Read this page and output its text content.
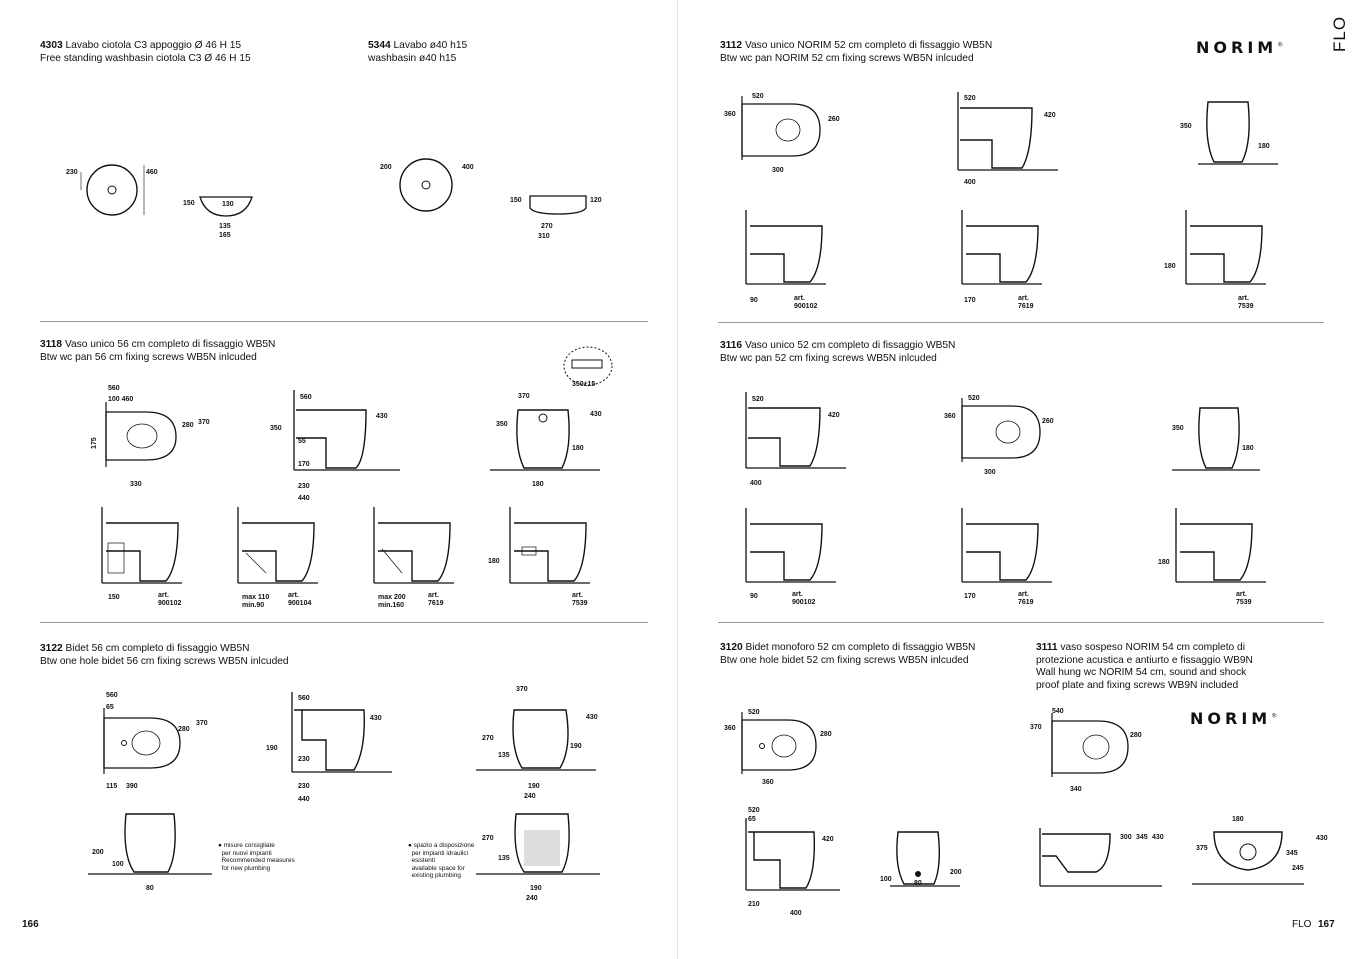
4303 Lavabo ciotola C3 appoggio Ø 46 H 15
Free standing washbasin ciotola C3 Ø 46 H 15
5344 Lavabo ø40 h15
washbasin ø40 h15
230	460
150	130
135
165
200	400
150	120
270
310
3118 Vaso unico 56 cm completo di fissaggio WB5N
Btw wc pan 56 cm fixing screws WB5N inlcuded
560
100 460
175
280 370
330
560
430
350
55
170
230
440
370
430
350
180
180
350±15
150	art.
900102
max 110
min.90
art.
900104
max 200
min.160
art.
7619
180
art.
7539
3122 Bidet 56 cm completo di fissaggio WB5N
Btw one hole bidet 56 cm fixing screws WB5N inlcuded
560
65
280
370
115 390
560
430
190
230
230
440
370
430
270
135
190
190
240
200
100
80
● misure consigliate
per nuovi impianti
Recommended measures
for new plumbing
270
135
190
240
● spazio a disposizione
per impianti idraulici
esistenti
available space for
existing plumbing
166
FLO
3112 Vaso unico NORIM 52 cm completo di fissaggio WB5N
Btw wc pan NORIM 52 cm fixing screws WB5N inlcuded
NORIM®
520
360
260
300
520
420
400
350
180
90	art.
900102
170	art.
7619
180
art.
7539
3116 Vaso unico 52 cm completo di fissaggio WB5N
Btw wc pan 52 cm fixing screws WB5N inlcuded
520
420
400
520
360
260
300
350
180
90	art.
900102
170	art.
7619
180
art.
7539
3120 Bidet monoforo 52 cm completo di fissaggio WB5N
Btw one hole bidet 52 cm fixing screws WB5N inlcuded
3111 vaso sospeso NORIM 54 cm completo di
protezione acustica e antiurto e fissaggio WB9N
Wall hung wc NORIM 54 cm, sound and shock
proof plate and fixing screws WB9N included
NORIM®
520
360
280
360
520
65
420
210
400
100
80
200
540
370
280
340
300 345 430
180
375
430
345
245
FLO 167
